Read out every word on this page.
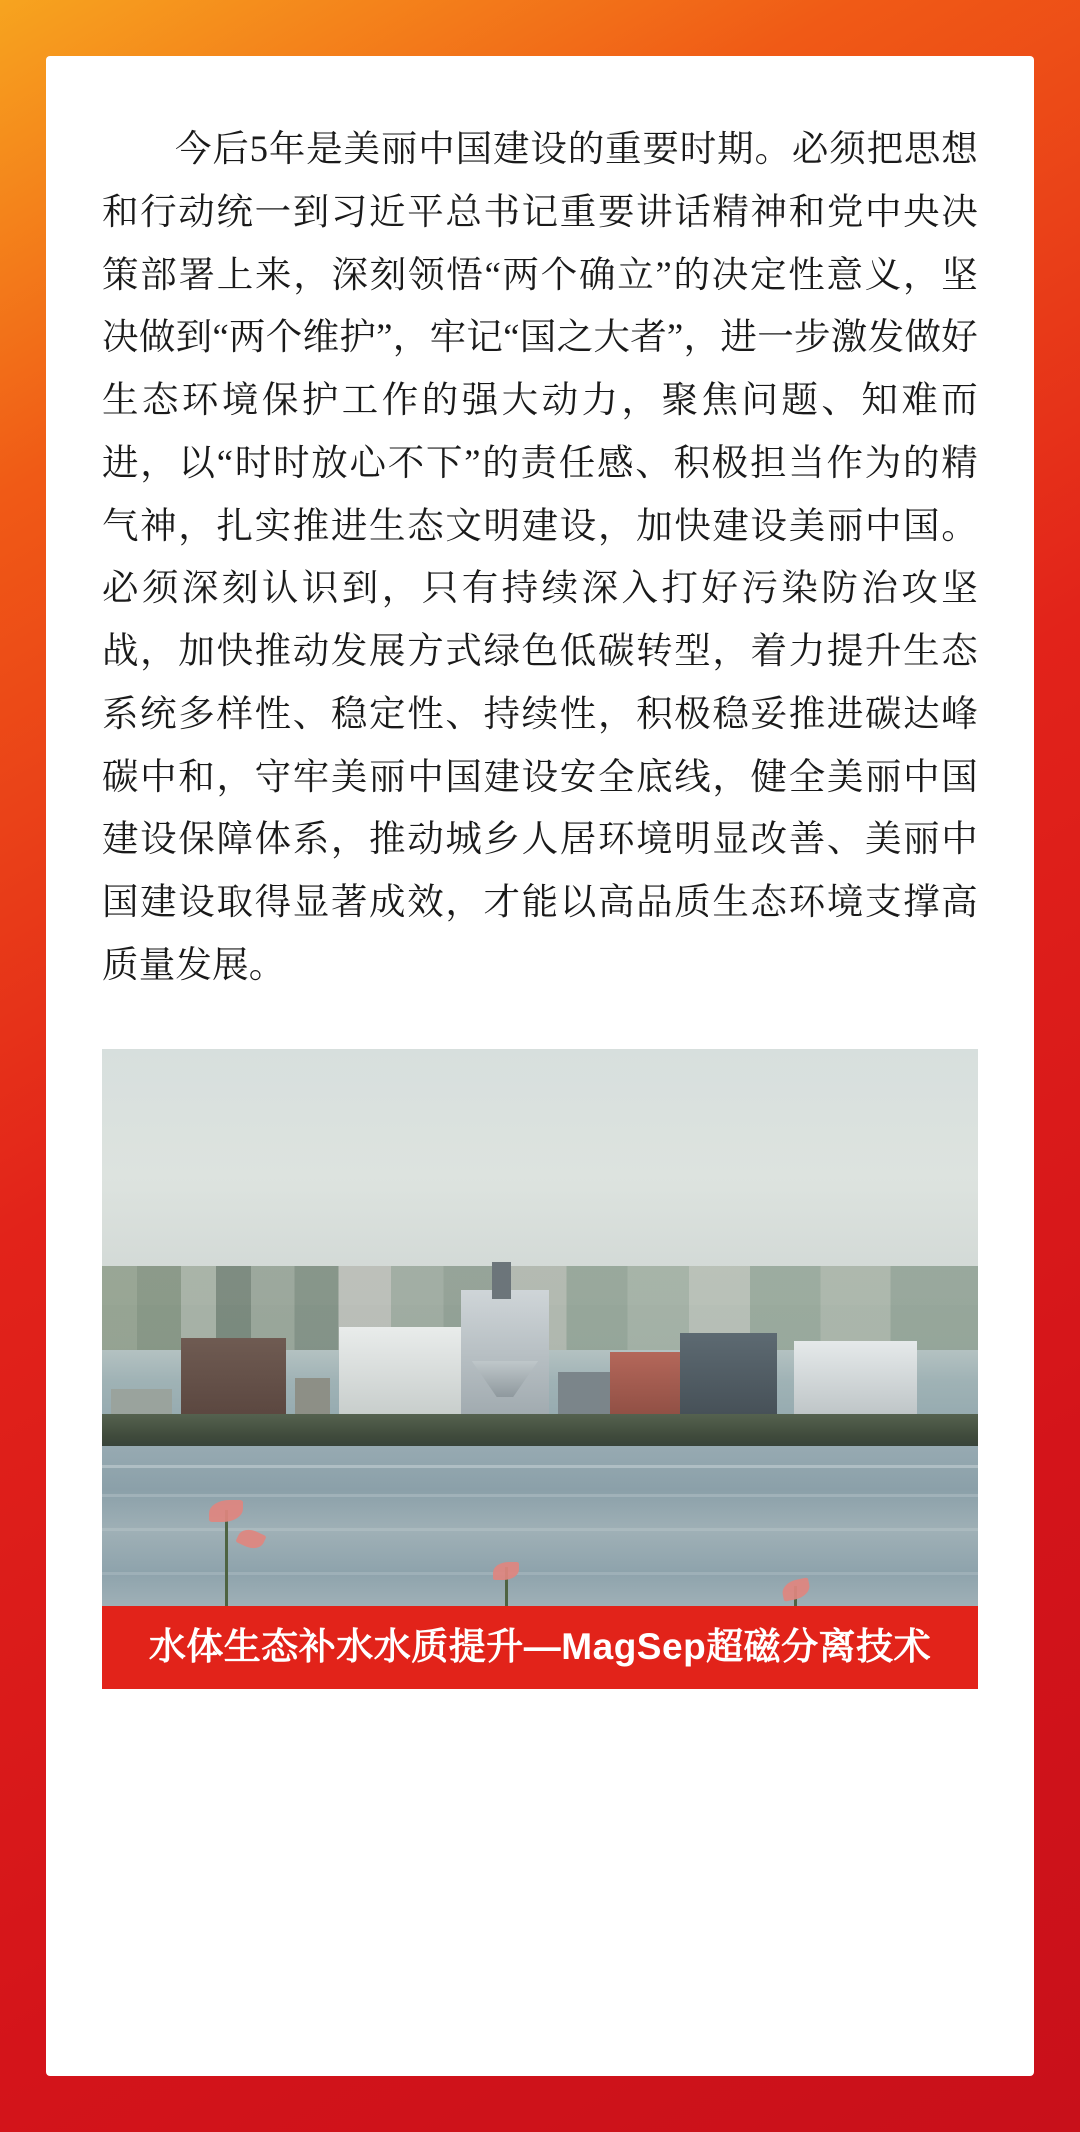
今后5年是美丽中国建设的重要时期。必须把思想和行动统一到习近平总书记重要讲话精神和党中央决策部署上来，深刻领悟“两个确立”的决定性意义，坚决做到“两个维护”，牢记“国之大者”，进一步激发做好生态环境保护工作的强大动力，聚焦问题、知难而进，以“时时放心不下”的责任感、积极担当作为的精气神，扎实推进生态文明建设，加快建设美丽中国。必须深刻认识到，只有持续深入打好污染防治攻坚战，加快推动发展方式绿色低碳转型，着力提升生态系统多样性、稳定性、持续性，积极稳妥推进碳达峰碳中和，守牢美丽中国建设安全底线，健全美丽中国建设保障体系，推动城乡人居环境明显改善、美丽中国建设取得显著成效，才能以高品质生态环境支撑高质量发展。

水体生态补水水质提升—MagSep超磁分离技术
